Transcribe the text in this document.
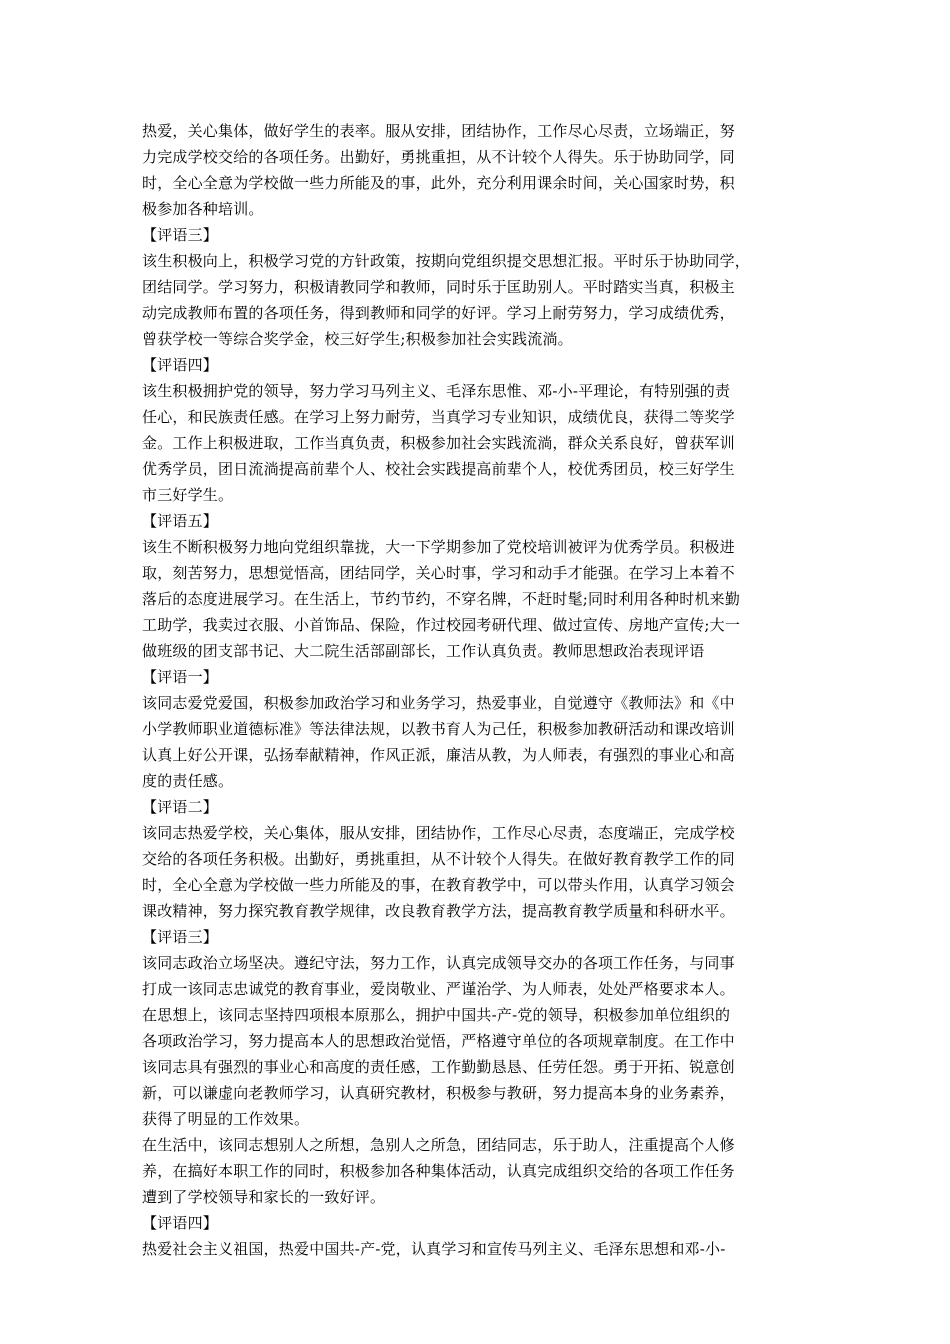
热爱，关心集体，做好学生的表率。服从安排，团结协作，工作尽心尽责，立场端正，努
力完成学校交给的各项任务。出勤好，勇挑重担，从不计较个人得失。乐于协助同学，同
时，全心全意为学校做一些力所能及的事，此外，充分利用课余时间，关心国家时势，积
极参加各种培训。
【评语三】
该生积极向上，积极学习党的方针政策，按期向党组织提交思想汇报。平时乐于协助同学，
团结同学。学习努力，积极请教同学和教师，同时乐于匡助别人。平时踏实当真，积极主
动完成教师布置的各项任务，得到教师和同学的好评。学习上耐劳努力，学习成绩优秀，
曾获学校一等综合奖学金，校三好学生;积极参加社会实践流淌。
【评语四】
该生积极拥护党的领导，努力学习马列主义、毛泽东思惟、邓-小-平理论，有特别强的责
任心，和民族责任感。在学习上努力耐劳，当真学习专业知识，成绩优良，获得二等奖学
金。工作上积极进取，工作当真负责，积极参加社会实践流淌，群众关系良好，曾获军训
优秀学员，团日流淌提高前辈个人、校社会实践提高前辈个人，校优秀团员，校三好学生
市三好学生。
【评语五】
该生不断积极努力地向党组织靠拢，大一下学期参加了党校培训被评为优秀学员。积极进
取，刻苦努力，思想觉悟高，团结同学，关心时事，学习和动手才能强。在学习上本着不
落后的态度进展学习。在生活上，节约节约，不穿名牌，不赶时髦;同时利用各种时机来勤
工助学，我卖过衣服、小首饰品、保险，作过校园考研代理、做过宣传、房地产宣传;大一
做班级的团支部书记、大二院生活部副部长，工作认真负责。教师思想政治表现评语
【评语一】
该同志爱党爱国，积极参加政治学习和业务学习，热爱事业，自觉遵守《教师法》和《中
小学教师职业道德标准》等法律法规，以教书育人为己任，积极参加教研活动和课改培训
认真上好公开课，弘扬奉献精神，作风正派，廉洁从教，为人师表，有强烈的事业心和高
度的责任感。
【评语二】
该同志热爱学校，关心集体，服从安排，团结协作，工作尽心尽责，态度端正，完成学校
交给的各项任务积极。出勤好，勇挑重担，从不计较个人得失。在做好教育教学工作的同
时，全心全意为学校做一些力所能及的事，在教育教学中，可以带头作用，认真学习领会
课改精神，努力探究教育教学规律，改良教育教学方法，提高教育教学质量和科研水平。
【评语三】
该同志政治立场坚决。遵纪守法，努力工作，认真完成领导交办的各项工作任务，与同事
打成一该同志忠诚党的教育事业，爱岗敬业、严谨治学、为人师表，处处严格要求本人。
在思想上，该同志坚持四项根本原那么，拥护中国共-产-党的领导，积极参加单位组织的
各项政治学习，努力提高本人的思想政治觉悟，严格遵守单位的各项规章制度。在工作中
该同志具有强烈的事业心和高度的责任感，工作勤勤恳恳、任劳任怨。勇于开拓、锐意创
新，可以谦虚向老教师学习，认真研究教材，积极参与教研，努力提高本身的业务素养，
获得了明显的工作效果。
在生活中，该同志想别人之所想，急别人之所急，团结同志，乐于助人，注重提高个人修
养，在搞好本职工作的同时，积极参加各种集体活动，认真完成组织交给的各项工作任务
遭到了学校领导和家长的一致好评。
【评语四】
热爱社会主义祖国，热爱中国共-产-党，认真学习和宣传马列主义、毛泽东思想和邓-小-
